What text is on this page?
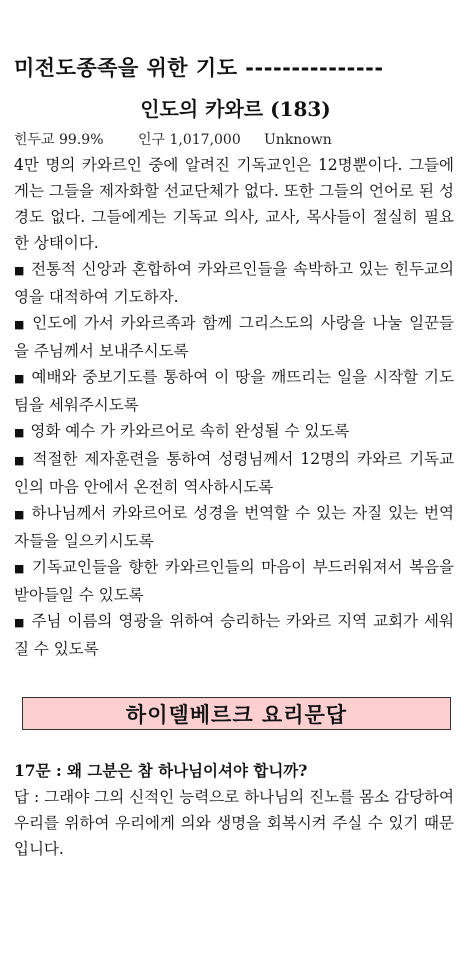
미전도종족을 위한 기도 ---------------
인도의 카와르 (183)
힌두교 99.9% 인구 1,017,000 Unknown

4만 명의 카와르인 중에 알려진 기독교인은 12명뿐이다. 그들에게는 그들을 제자화할 선교단체가 없다. 또한 그들의 언어로 된 성경도 없다. 그들에게는 기독교 의사, 교사, 목사들이 절실히 필요한 상태이다.

■ 전통적 신앙과 혼합하여 카와르인들을 속박하고 있는 힌두교의 영을 대적하여 기도하자.

■ 인도에 가서 카와르족과 함께 그리스도의 사랑을 나눌 일꾼들을 주님께서 보내주시도록

■ 예배와 중보기도를 통하여 이 땅을 깨뜨리는 일을 시작할 기도팀을 세워주시도록

■ 영화 예수 가 카와르어로 속히 완성될 수 있도록

■ 적절한 제자훈련을 통하여 성령님께서 12명의 카와르 기독교인의 마음 안에서 온전히 역사하시도록

■ 하나님께서 카와르어로 성경을 번역할 수 있는 자질 있는 번역자들을 일으키시도록

■ 기독교인들을 향한 카와르인들의 마음이 부드러워져서 복음을 받아들일 수 있도록

■ 주님 이름의 영광을 위하여 승리하는 카와르 지역 교회가 세워질 수 있도록

하이델베르크 요리문답

17문 : 왜 그분은 참 하나님이셔야 합니까?

답 : 그래야 그의 신적인 능력으로 하나님의 진노를 몸소 감당하여 우리를 위하여 우리에게 의와 생명을 회복시켜 주실 수 있기 때문입니다.
